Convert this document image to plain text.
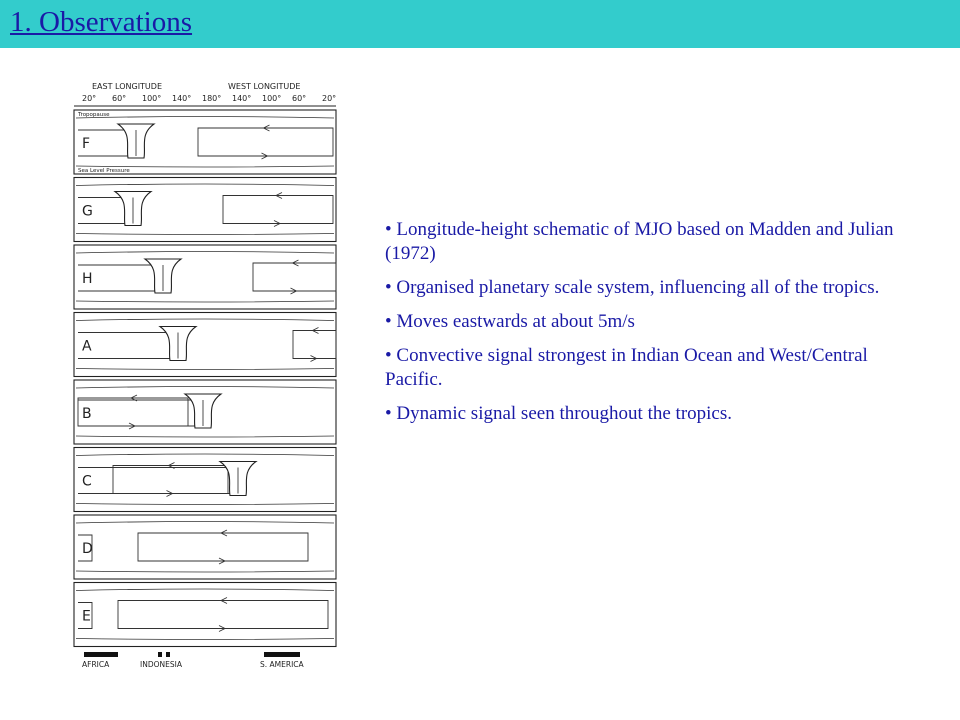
1. Observations
EAST LONGITUDE	WEST LONGITUDE
20° 60° 100° 140° 180° 140° 100° 60° 20°
F
Tropopause
Sea Level Pressure
G
H
A
B
C
D
E
AFRICA	INDONESIA	S. AMERICA

• Longitude-height schematic of MJO based on Madden and Julian (1972)

• Organised planetary scale system, influencing all of the tropics.

• Moves eastwards at about 5m/s

• Convective signal strongest in Indian Ocean and West/Central Pacific.

• Dynamic signal seen throughout the tropics.
